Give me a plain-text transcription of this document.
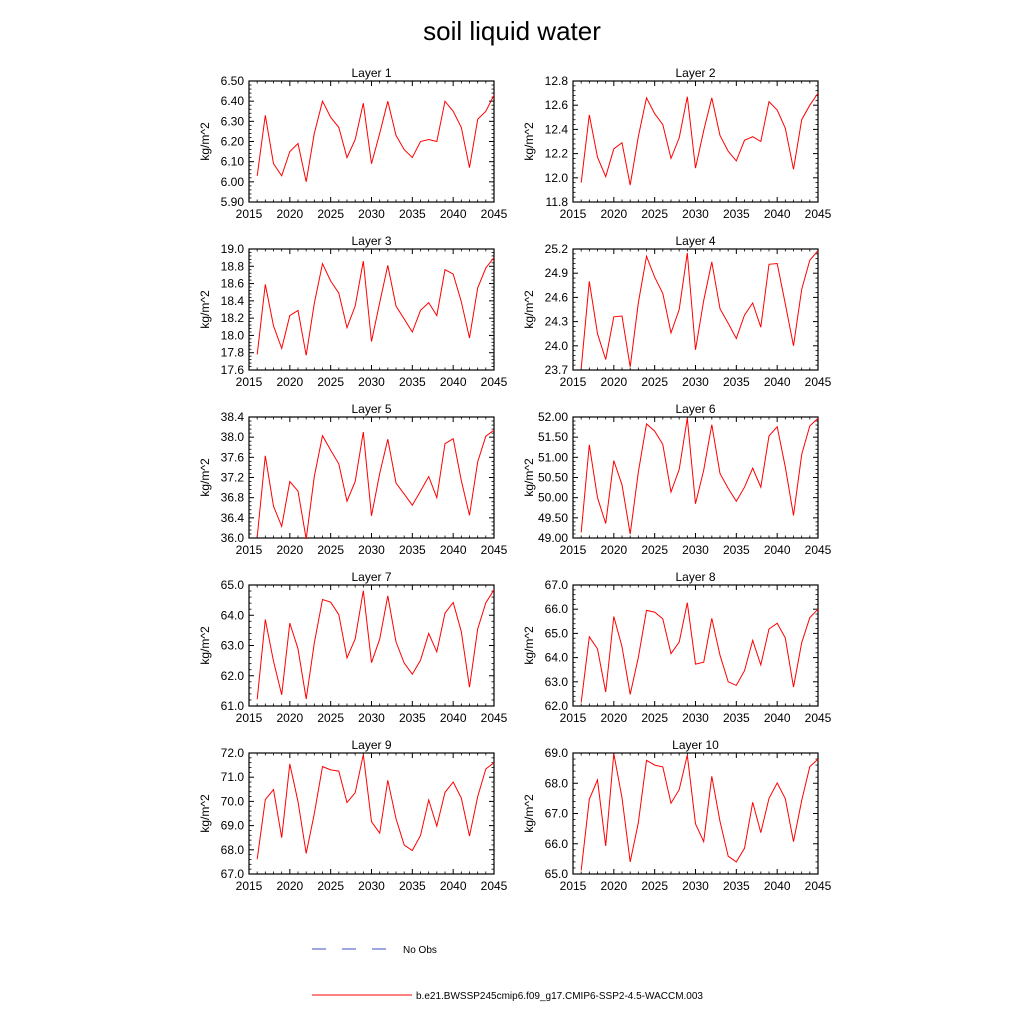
soil liquid water
Layer 1
kg/m^2
2015 2020 2025 2030 2035 2040 2045
5.90
6.00
6.10
6.20
6.30
6.40
6.50
Layer 2
kg/m^2
2015 2020 2025 2030 2035 2040 2045
11.8
12.0
12.2
12.4
12.6
12.8
Layer 3
kg/m^2
2015 2020 2025 2030 2035 2040 2045
17.6
17.8
18.0
18.2
18.4
18.6
18.8
19.0
Layer 4
kg/m^2
2015 2020 2025 2030 2035 2040 2045
23.7
24.0
24.3
24.6
24.9
25.2
Layer 5
kg/m^2
2015 2020 2025 2030 2035 2040 2045
36.0
36.4
36.8
37.2
37.6
38.0
38.4
Layer 6
kg/m^2
2015 2020 2025 2030 2035 2040 2045
49.00
49.50
50.00
50.50
51.00
51.50
52.00
Layer 7
kg/m^2
2015 2020 2025 2030 2035 2040 2045
61.0
62.0
63.0
64.0
65.0
Layer 8
kg/m^2
2015 2020 2025 2030 2035 2040 2045
62.0
63.0
64.0
65.0
66.0
67.0
Layer 9
kg/m^2
2015 2020 2025 2030 2035 2040 2045
67.0
68.0
69.0
70.0
71.0
72.0
Layer 10
kg/m^2
2015 2020 2025 2030 2035 2040 2045
65.0
66.0
67.0
68.0
69.0
No Obs
b.e21.BWSSP245cmip6.f09_g17.CMIP6-SSP2-4.5-WACCM.003
